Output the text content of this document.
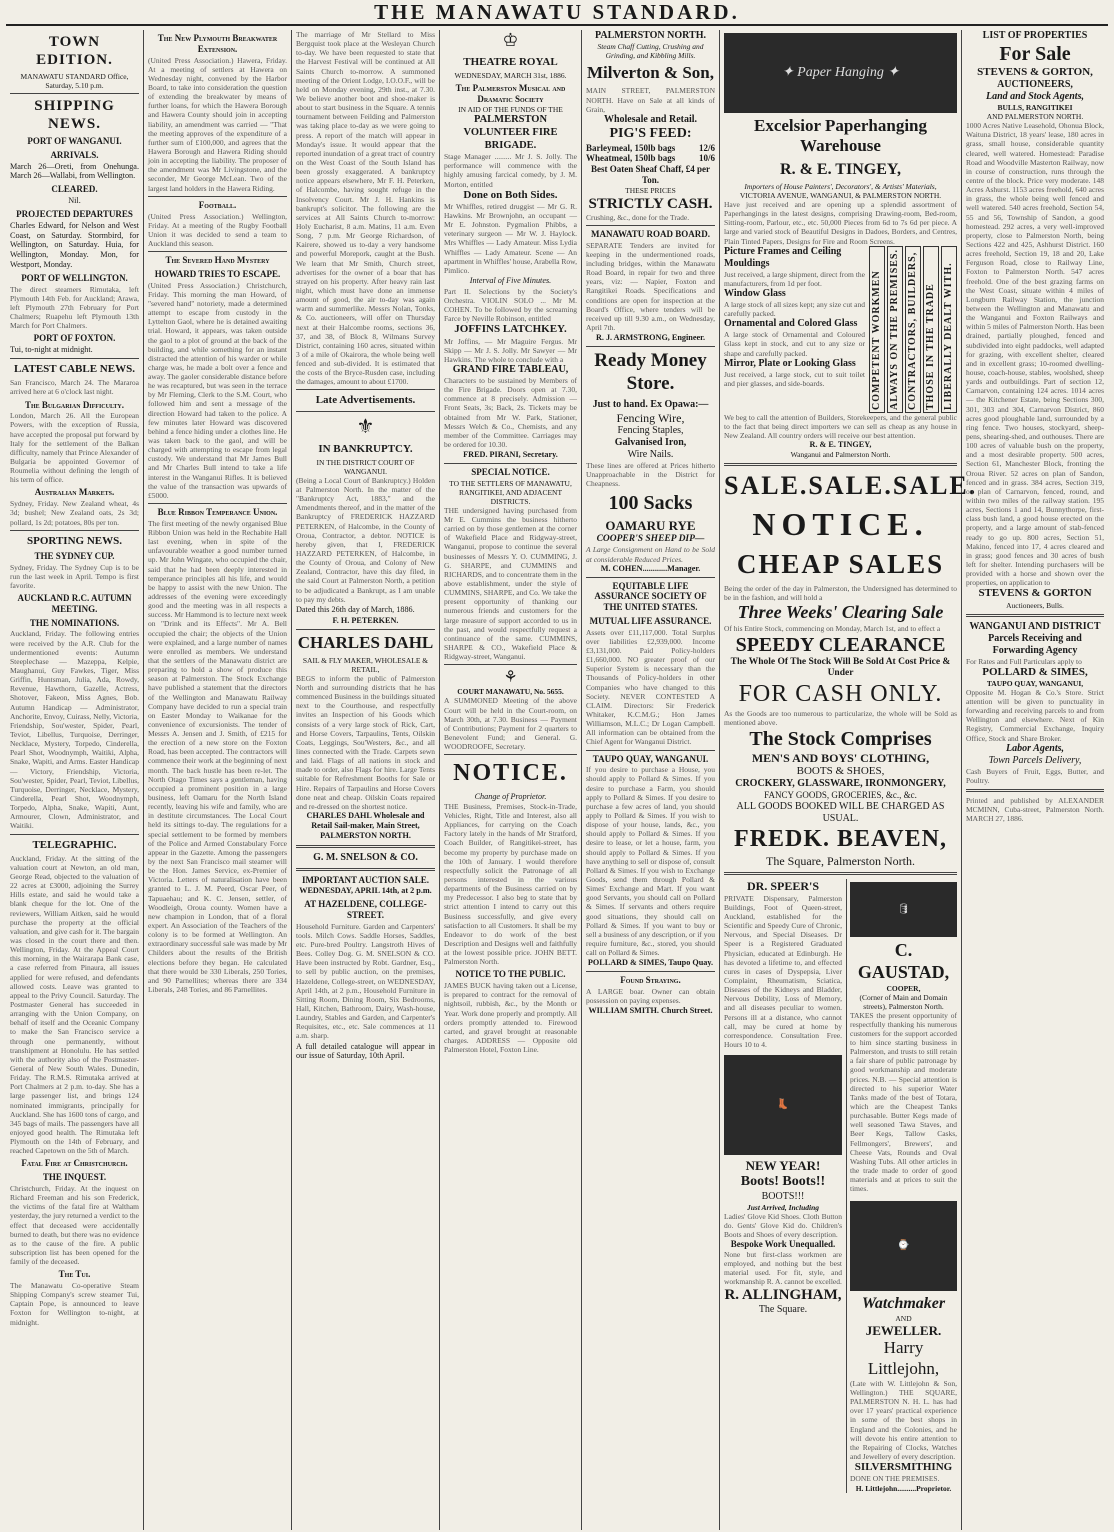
THE MANAWATU STANDARD.
TOWN EDITION.
MANAWATU STANDARD Office, Saturday, 5.10 p.m.
SHIPPING NEWS.
PORT OF WANGANUI.
ARRIVALS.

March 26—Oreti, from Onehunga. March 26—Wallabi, from Wellington.

CLEARED.

Nil.

PROJECTED DEPARTURES

Charles Edward, for Nelson and West Coast, on Saturday. Stormbird, for Wellington, on Saturday. Huia, for Wellington, Monday. Mon, for Westport, Monday.

PORT OF WELLINGTON.
The direct steamers Rimutaka, left Plymouth 14th Feb. for Auckland; Arawa, left Plymouth 27th February for Port Chalmers; Ruapehu left Plymouth 13th March for Port Chalmers.
PORT OF FOXTON.

Tui, to-night at midnight.

LATEST CABLE NEWS.
San Francisco, March 24. The Mararoa arrived here at 6 o'clock last night.
The Bulgarian Difficulty.
London, March 26. All the European Powers, with the exception of Russia, have accepted the proposal put forward by Italy for the settlement of the Balkan difficulty, namely that Prince Alexander of Bulgaria be appointed Governor of Roumelia without defining the length of his term of office.
Australian Markets.
Sydney, Friday. New Zealand wheat, 4s 3d; bushel; New Zealand oats, 2s 3d; pollard, 1s 2d; potatoes, 80s per ton.
SPORTING NEWS.
THE SYDNEY CUP.
Sydney, Friday. The Sydney Cup is to be run the last week in April. Tempo is first favorite.
AUCKLAND R.C. AUTUMN MEETING.
THE NOMINATIONS.
Auckland, Friday. The following entries were received by the A.R. Club for the undermentioned events: Autumn Steeplechase — Mazeppa, Kelpie, Maughanui, Guy Fawkes, Tiger, Miss Griffin, Huntsman, Julia, Ada, Rowdy, Revenue, Hawthorn, Gazelle, Actress, Shotover, Fakeon, Miss Agnes, Bob. Autumn Handicap — Administrator, Anchorite, Envoy, Cuirass, Nelly, Victoria, Friendship, Sou'wester, Spider, Pearl, Teviot, Libellus, Turquoise, Derringer, Necklace, Mystery, Torpedo, Cinderella, Pearl Shot, Woodnymph, Waitiki, Alpha, Snake, Wapiti, and Arms. Easter Handicap — Victory, Friendship, Victoria, Sou'wester, Spider, Pearl, Teviot, Libellus, Turquoise, Derringer, Necklace, Mystery, Cinderella, Pearl Shot, Woodnymph, Torpedo, Alpha, Snake, Wapiti, Aunt, Armourer, Clown, Administrator, and Waitiki.
TELEGRAPHIC.
Auckland, Friday. At the sitting of the valuation court at Newton, an old man, George Read, objected to the valuation of 22 acres at £3000, adjoining the Surrey Hills estate, and said he would take a blank cheque for the lot. One of the reviewers, William Aitken, said he would purchase the property at the official valuation, and give cash for it. The bargain was closed in the court there and then. Wellington, Friday. At the Appeal Court this morning, in the Wairarapa Bank case, a case referred from Pinaura, all issues applied for were refused, and defendants allowed costs. Leave was granted to appeal to the Privy Council. Saturday. The Postmaster General has succeeded in arranging with the Union Company, on behalf of itself and the Oceanic Company to make the San Francisco service a through one permanently, without transhipment at Honolulu. He has settled with the authority also of the Postmaster-General of New South Wales. Dunedin, Friday. The R.M.S. Rimutaka arrived at Port Chalmers at 2 p.m. to-day. She has a large passenger list, and brings 124 nominated immigrants, principally for Auckland. She has 1600 tons of cargo, and 345 bags of mails. The passengers have all enjoyed good health. The Rimutaka left Plymouth on the 14th of February, and reached Capetown on the 5th of March.
Fatal Fire at Christchurch.
THE INQUEST.
Christchurch, Friday. At the inquest on Richard Freeman and his son Frederick, the victims of the fatal fire at Waltham yesterday, the jury returned a verdict to the effect that deceased were accidentally burned to death, but there was no evidence as to the cause of the fire. A public subscription list has been opened for the family of the deceased.
The Tui.
The Manawatu Co-operative Steam Shipping Company's screw steamer Tui, Captain Pope, is announced to leave Foxton for Wellington to-night, at midnight.
The New Plymouth Breakwater Extension.
(United Press Association.) Hawera, Friday. At a meeting of settlers at Hawera on Wednesday night, convened by the Harbor Board, to take into consideration the question of extending the breakwater by means of further loans, for which the Hawera Borough and Hawera County should join in accepting liability, an amendment was carried — "That the meeting approves of the expenditure of a further sum of £100,000, and agrees that the Hawera Borough and Hawera Riding should join in accepting the liability. The proposer of the amendment was Mr Livingstone, and the seconder, Mr George McLean. Two of the largest land holders in the Hawera Riding.
Football.
(United Press Association.) Wellington, Friday. At a meeting of the Rugby Football Union it was decided to send a team to Auckland this season.
The Severed Hand Mystery
HOWARD TRIES TO ESCAPE.
(United Press Association.) Christchurch, Friday. This morning the man Howard, of "severed hand" notoriety, made a determined attempt to escape from custody in the Lyttelton Gaol, where he is detained awaiting trial. Howard, it appears, was taken outside the gaol to a plot of ground at the back of the building, and while something for an instant distracted the attention of his warder or while charge was, he made a bolt over a fence and away. The gaoler considerable distance before he was recaptured, but was seen in the terrace by Mr Fleming, Clerk to the S.M. Court, who followed him and sent a message of the direction Howard had taken to the police. A few minutes later Howard was discovered behind a fence hiding under a clothes line. He was taken back to the gaol, and will be charged with attempting to escape from legal custody. We understand that Mr James Bull and Mr Charles Bull intend to take a life interest in the Wanganui Rifles. It is believed the value of the transaction was upwards of £5000.
Blue Ribbon Temperance Union.
The first meeting of the newly organised Blue Ribbon Union was held in the Rechabite Hall last evening, when in spite of the unfavourable weather a good number turned up. Mr John Wingate, who occupied the chair, said that he had been deeply interested in temperance principles all his life, and would be happy to assist with the new Union. The addresses of the evening were exceedingly good and the meeting was in all respects a success. Mr Hammond is to lecture next week on "Drink and its Effects". Mr A. Bell occupied the chair; the objects of the Union were explained, and a large number of names were enrolled as members. We understand that the settlers of the Manawatu district are preparing to hold a show of produce this season at Palmerston. The Stock Exchange have published a statement that the directors of the Wellington and Manawatu Railway Company have decided to run a special train on Easter Monday to Waikanae for the convenience of excursionists. The tender of Messrs A. Jensen and J. Smith, of £215 for the erection of a new store on the Foxton Road, has been accepted. The contractors will commence their work at the beginning of next month. The back hustle has been re-let. The North Otago Times says a gentleman, having occupied a prominent position in a large business, left Oamaru for the North Island recently, leaving his wife and family, who are in destitute circumstances. The Local Court held its sittings to-day. The regulations for a special settlement to be formed by members of the Police and Armed Constabulary Force appear in the Gazette. Among the passengers by the next San Francisco mail steamer will be the Hon. James Service, ex-Premier of Victoria. Letters of naturalisation have been granted to L. J. M. Peerd, Oscar Peer, of Tapuaehau; and K. C. Jensen, settler, of Woodleigh, Oroua county. Women have a new champion in London, that of a floral expert. An Association of the Teachers of the colony is to be formed at Wellington. An extraordinary successful sale was made by Mr Childers about the results of the British elections before they began. He calculated that there would be 330 Liberals, 250 Tories, and 90 Parnellites; whereas there are 334 Liberals, 248 Tories, and 86 Parnellites.
The marriage of Mr Stellard to Miss Bergquist took place at the Wesleyan Church to-day. We have been requested to state that the Harvest Festival will be continued at All Saints Church to-morrow. A summoned meeting of the Orient Lodge, I.O.O.F., will be held on Monday evening, 29th inst., at 7.30. We believe another boot and shoe-maker is about to start business in the Square. A tennis tournament between Feilding and Palmerston was taking place to-day as we were going to press. A report of the match will appear in Monday's issue. It would appear that the reported inundation of a great tract of country on the West Coast of the South Island has been grossly exaggerated. A bankruptcy notice appears elsewhere, Mr F. H. Peterken, of Halcombe, having sought refuge in the Insolvency Court. Mr J. H. Hankins is bankrupt's solicitor. The following are the services at All Saints Church to-morrow: Holy Eucharist, 8 a.m. Matins, 11 a.m. Even Song, 7 p.m. Mr George Richardson, of Kairere, showed us to-day a very handsome and powerful Morepork, caught at the Bush. We learn that Mr Smith, Church street, advertises for the owner of a boar that has strayed on his property. After heavy rain last night, which must have done an immense amount of good, the air to-day was again warm and summerlike. Messrs Nolan, Tonks, & Co. auctioneers, will offer on Thursday next at their Halcombe rooms, sections 36, 37, and 38, of Block 8, Wilmans Survey District, containing 160 acres, situated within 3 of a mile of Okairora, the whole being well fenced and sub-divided. It is estimated that the costs of the Bryce-Rusden case, including the damages, amount to about £1700.
Late Advertisements.
⚜
IN BANKRUPTCY.
IN THE DISTRICT COURT OF WANGANUI.
(Being a Local Court of Bankruptcy.) Holden at Palmerston North. In the matter of the "Bankruptcy Act, 1883," and the Amendments thereof, and in the matter of the Bankruptcy of FREDERICK HAZZARD PETERKEN, of Halcombe, in the County of Oroua, Contractor, a debtor. NOTICE is hereby given, that I, FREDERICK HAZZARD PETERKEN, of Halcombe, in the County of Oroua, and Colony of New Zealand, Contractor, have this day filed, in the said Court at Palmerston North, a petition to be adjudicated a Bankrupt, as I am unable to pay my debts.

Dated this 26th day of March, 1886.

F. H. PETERKEN.

CHARLES DAHL
SAIL & FLY MAKER, WHOLESALE & RETAIL,
BEGS to inform the public of Palmerston North and surrounding districts that he has commenced Business in the buildings situated next to the Courthouse, and respectfully invites an Inspection of his Goods which consists of a very large stock of Rick, Cart, and Horse Covers, Tarpaulins, Tents, Oilskin Coats, Leggings, Sou'Westers, &c., and all lines connected with the Trade. Carpets sewn and laid. Flags of all nations in stock and made to order, also Flags for hire. Large Tents suitable for Refreshment Booths for Sale or Hire. Repairs of Tarpaulins and Horse Covers done neat and cheap. Oilskin Coats repaired and re-dressed on the shortest notice.
CHARLES DAHL Wholesale and Retail Sail-maker, Main Street, PALMERSTON NORTH.
G. M. SNELSON & CO.
IMPORTANT AUCTION SALE.
WEDNESDAY, APRIL 14th, at 2 p.m.
AT HAZELDENE, COLLEGE-STREET.
Household Furniture. Garden and Carpenters' tools. Milch Cows. Saddle Horses, Saddles, etc. Pure-bred Poultry. Langstroth Hives of Bees. Colley Dog. G. M. SNELSON & CO. Have been instructed by Robt. Gardner, Esq., to sell by public auction, on the premises, Hazeldene, College-street, on WEDNESDAY, April 14th, at 2 p.m., Household Furniture in Sitting Room, Dining Room, Six Bedrooms, Hall, Kitchen, Bathroom, Dairy, Wash-house, Laundry, Stables and Garden, and Carpenter's Requisites, etc., etc. Sale commences at 11 a.m. sharp.

A full detailed catalogue will appear in our issue of Saturday, 10th April.

♔
THEATRE ROYAL
WEDNESDAY, MARCH 31st, 1886.
The Palmerston Musical and Dramatic Society
IN AID OF THE FUNDS OF THE
PALMERSTON VOLUNTEER FIRE BRIGADE.
Stage Manager ......... Mr J. S. Jolly. The performance will commence with the highly amusing farcical comedy, by J. M. Morton, entitled
Done on Both Sides.
Mr Whiffles, retired druggist — Mr G. R. Hawkins. Mr Brownjohn, an occupant — Mr E. Johnston. Pygmalion Phibbs, a veterinary surgeon — Mr W. J. Haylock. Mrs Whiffles — Lady Amateur. Miss Lydia Whiffles — Lady Amateur. Scene — An apartment in Whiffles' house, Arabella Row, Pimlico.

Interval of Five Minutes.

Part II. Selections by the Society's Orchestra. VIOLIN SOLO ... Mr M. COHEN. To be followed by the screaming Farce by Neville Robinson, entitled
JOFFINS LATCHKEY.
Mr Joffins, — Mr Maguire Fergus. Mr Skipp — Mr J. S. Jolly. Mr Sawyer — Mr Hawkins. The whole to conclude with a
GRAND FIRE TABLEAU,
Characters to be sustained by Members of the Fire Brigade. Doors open at 7.30, commence at 8 precisely. Admission — Front Seats, 3s; Back, 2s. Tickets may be obtained from Mr W. Park, Stationer, Messrs Welch & Co., Chemists, and any member of the Committee. Carriages may be ordered for 10.30.

FRED. PIRANI, Secretary.

SPECIAL NOTICE.
TO THE SETTLERS OF MANAWATU, RANGITIKEI, AND ADJACENT DISTRICTS.
THE undersigned having purchased from Mr E. Cummins the business hitherto carried on by those gentlemen at the corner of Wakefield Place and Ridgway-street, Wanganui, propose to continue the several businesses of Messrs Y. O. CUMMING, J. G. SHARPE, and CUMMINS and RICHARDS, and to concentrate them in the above establishment, under the style of CUMMINS, SHARPE, and Co. We take the present opportunity of thanking our numerous friends and customers for the large measure of support accorded to us in the past, and would respectfully request a continuance of the same. CUMMINS, SHARPE & CO., Wakefield Place & Ridgway-street, Wanganui.
⚘
COURT MANAWATU, No. 5655.
A SUMMONED Meeting of the above Court will be held in the Court-room, on March 30th, at 7.30. Business — Payment of Contributions; Payment for 2 quarters to Benevolent Fund; and General. G. WOODROOFE, Secretary.
NOTICE.
Change of Proprietor.
THE Business, Premises, Stock-in-Trade, Vehicles, Right, Title and Interest, also all Appliances, for carrying on the Coach Factory lately in the hands of Mr Stratford, Coach Builder, of Rangitikei-street, has become my property by purchase made on the 10th of January. I would therefore respectfully solicit the Patronage of all persons interested in the various departments of the Business carried on by my Predecessor. I also beg to state that by strict attention I intend to carry out this Business successfully, and give every satisfaction to all Customers. It shall be my Endeavor to do work of the best Description and Designs well and faithfully at the lowest possible price. JOHN BETT. Palmerston North.
NOTICE TO THE PUBLIC.
JAMES BUCK having taken out a License, is prepared to contract for the removal of nightsoil, rubbish, &c., by the Month or Year. Work done properly and promptly. All orders promptly attended to. Firewood carted, and gravel brought at reasonable charges. ADDRESS — Opposite old Palmerston Hotel, Foxton Line.
PALMERSTON NORTH.
Steam Chaff Cutting, Crushing and Grinding, and Kibbling Mills.
Milverton & Son,
MAIN STREET, PALMERSTON NORTH. Have on Sale at all kinds of Grain,
Wholesale and Retail.
PIG'S FEED:
Barleymeal, 150lb bags	12/6
Wheatmeal, 150lb bags	10/6
Best Oaten Sheaf Chaff, £4 per Ton.
THESE PRICES
STRICTLY CASH.
Crushing, &c., done for the Trade.
MANAWATU ROAD BOARD.
SEPARATE Tenders are invited for keeping in the undermentioned roads, including bridges, within the Manawatu Road Board, in repair for two and three years, viz: — Napier, Foxton and Rangitikei Roads. Specifications and conditions are open for inspection at the Board's Office, where tenders will be received up till 9.30 a.m., on Wednesday, April 7th.

R. J. ARMSTRONG, Engineer.

Ready Money Store.
Just to hand. Ex Opawa:—
Fencing Wire,
Fencing Staples,
Galvanised Iron,
Wire Nails.
These lines are offered at Prices hitherto Unapproachable in the District for Cheapness.
100 Sacks
OAMARU RYE
COOPER'S SHEEP DIP—
A Large Consignment on Hand to be Sold at considerable Reduced Prices.
M. COHEN............Manager.
EQUITABLE LIFE ASSURANCE SOCIETY OF THE UNITED STATES.
MUTUAL LIFE ASSURANCE.
Assets over £11,117,000. Total Surplus over liabilities £2,939,000. Income £3,131,000. Paid Policy-holders £1,660,000. NO greater proof of our Superior System is necessary than the Thousands of Policy-holders in other Companies who have changed to this Society. NEVER CONTESTED A CLAIM. Directors: Sir Frederick Whitaker, K.C.M.G.; Hon James Williamson, M.L.C.; Dr Logan Campbell. All information can be obtained from the Chief Agent for Wanganui District.
TAUPO QUAY, WANGANUI.
If you desire to purchase a House, you should apply to Pollard & Simes. If you desire to purchase a Farm, you should apply to Pollard & Simes. If you desire to purchase a few acres of land, you should apply to Pollard & Simes. If you wish to dispose of your house, lands, &c., you should apply to Pollard & Simes. If you desire to lease, or let a house, farm, you should apply to Pollard & Simes. If you have anything to sell or dispose of, consult Pollard & Simes. If you wish to Exchange Goods, send them through Pollard & Simes' Exchange and Mart. If you want good Servants, you should call on Pollard & Simes. If servants and others require good situations, they should call on Pollard & Simes. If you want to buy or sell a business of any description, or if you require furniture, &c., stored, you should call on Pollard & Simes.

POLLARD & SIMES, Taupo Quay.

Found Straying.
A LARGE boar. Owner can obtain possession on paying expenses.

WILLIAM SMITH. Church Street.

✦ Paper Hanging ✦
Excelsior Paperhanging Warehouse
R. & E. TINGEY,
Importers of House Painters', Decorators', & Artists' Materials,
VICTORIA AVENUE, WANGANUI, & PALMERSTON NORTH.
Have just received and are opening up a splendid assortment of Paperhangings in the latest designs, comprising Drawing-room, Bed-room, Sitting-room, Parlour, etc., etc. 50,000 Pieces from 6d to 7s 6d per piece. A large and varied stock of Beautiful Designs in Dadoes, Borders, and Centres, Plain Tinted Papers, Designs for Fire and Room Screens.
Picture Frames and Ceiling Mouldings
Just received, a large shipment, direct from the manufacturers, from 1d per foot.
Window Glass
A large stock of all sizes kept; any size cut and carefully packed.
Ornamental and Colored Glass
A large stock of Ornamental and Coloured Glass kept in stock, and cut to any size or shape and carefully packed.
Mirror, Plate or Looking Glass
Just received, a large stock, cut to suit toilet and pier glasses, and side-boards.	COMPETENT WORKMEN ALWAYS ON THE PREMISES. CONTRACTORS, BUILDERS, THOSE IN THE TRADE LIBERALLY DEALT WITH.
We beg to call the attention of Builders, Storekeepers, and the general public to the fact that being direct importers we can sell as cheap as any house in New Zealand. All country orders will receive our best attention.
R. & E. TINGEY,
Wanganui and Palmerston North.
SALE. SALE. SALE.
NOTICE.
CHEAP SALES
Being the order of the day in Palmerston, the Undersigned has determined to be in the fashion, and will hold a
Three Weeks' Clearing Sale
Of his Entire Stock, commencing on Monday, March 1st, and to effect a
SPEEDY CLEARANCE
The Whole Of The Stock Will Be Sold At Cost Price & Under
FOR CASH ONLY.
As the Goods are too numerous to particularize, the whole will be Sold as mentioned above.
The Stock Comprises
MEN'S AND BOYS' CLOTHING,
BOOTS & SHOES,
CROCKERY, GLASSWARE, IRONMONGERY,
FANCY GOODS, GROCERIES, &c., &c.
ALL GOODS BOOKED WILL BE CHARGED AS USUAL.
FREDK. BEAVEN,
The Square, Palmerston North.
DR. SPEER'S
PRIVATE Dispensary, Palmerston Buildings, Foot of Queen-street, Auckland, established for the Scientific and Speedy Cure of Chronic, Nervous, and Special Diseases. Dr Speer is a Registered Graduated Physician, educated at Edinburgh. He has devoted a lifetime to, and effected cures in cases of Dyspepsia, Liver Complaint, Rheumatism, Sciatica, Diseases of the Kidneys and Bladder, Nervous Debility, Loss of Memory, and all diseases peculiar to women. Persons ill at a distance, who cannot call, may be cured at home by correspondence. Consultation Free. Hours 10 to 4.
👢
NEW YEAR!
Boots! Boots!!
BOOTS!!!
Just Arrived, Including
Ladies' Glove Kid Shoes. Cloth Button do. Gents' Glove Kid do. Children's Boots and Shoes of every description.
Bespoke Work Unequalled.
None but first-class workmen are employed, and nothing but the best material used. For fit, style, and workmanship R. A. cannot be excelled.
R. ALLINGHAM,
The Square.
🛢
C. GAUSTAD,
COOPER,
(Corner of Main and Domain streets), Palmerston North.
TAKES the present opportunity of respectfully thanking his numerous customers for the support accorded to him since starting business in Palmerston, and trusts to still retain a fair share of public patronage by good workmanship and moderate prices. N.B. — Special attention is directed to his superior Water Tanks made of the best of Totara, which are the Cheapest Tanks purchasable. Butter Kegs made of well seasoned Tawa Staves, and Beer Kegs, Tallow Casks, Fellmongers', Brewers', and Cheese Vats, Rounds and Oval Washing Tubs. All other articles in the trade made to order of good materials and at prices to suit the times.
⌚
Watchmaker
AND
JEWELLER.
Harry Littlejohn,
(Late with W. Littlejohn & Son, Wellington.) THE SQUARE, PALMERSTON N. H. L. has had over 17 years' practical experience in some of the best shops in England and the Colonies, and he will devote his entire attention to the Repairing of Clocks, Watches and Jewellery of every description.
SILVERSMITHING
DONE ON THE PREMISES.
H. Littlejohn..........Proprietor.
LIST OF PROPERTIES
For Sale
STEVENS & GORTON,
AUCTIONEERS,
Land and Stock Agents,
BULLS, RANGITIKEI
AND PALMERSTON NORTH.
1000 Acres Native Leasehold, Ohonua Block, Waituna District, 18 years' lease, 180 acres in grass, small house, considerable quantity cleared, well watered. Homestead: Paradise Road and Woodville Masterton Railway, now in course of construction, runs through the centre of the block. Price very moderate. 148 Acres Ashurst. 1153 acres freehold, 640 acres in grass, the whole being well fenced and well watered. 540 acres freehold, Section 54, 55 and 56, Township of Sandon, a good homestead. 292 acres, a very well-improved property, close to Palmerston North, being Sections 422 and 425, Ashhurst District. 160 acres freehold, Section 19, 18 and 20, Lake Ferguson Road, close to Railway Line, Foxton to Palmerston North. 547 acres freehold. One of the best grazing farms on the West Coast, situate within 4 miles of Longburn Railway Station, the junction between the Wellington and Manawatu and the Wanganui and Foxton Railways and within 5 miles of Palmerston North. Has been drained, partially ploughed, fenced and subdivided into eight paddocks, well adapted for grazing, with excellent shelter, cleared and in excellent grass; 10-roomed dwelling-house, coach-house, stables, woolshed, sheep yards and outbuildings. Part of section 12, Carnarvon, containing 124 acres. 1014 acres — the Kitchener Estate, being Sections 300, 301, 303 and 304, Carnarvon District, 860 acres good ploughable land, surrounded by a ring fence. Two houses, stockyard, sheep-pens, shearing-shed, and outhouses. There are 100 acres of valuable bush on the property, and a most desirable property. 500 acres, Section 61, Manchester Block, fronting the Oroua River. 52 acres on plan of Sandon, fenced and in grass. 384 acres, Section 319, on plan of Carnarvon, fenced, round, and within two miles of the railway station. 195 acres, Sections 1 and 14, Bunnythorpe, first-class bush land, a good house erected on the property, and a large amount of stab-fenced ready to go up. 800 acres, Section 51, Makino, fenced into 17, 4 acres cleared and in grass; good fences and 30 acres of bush left for shelter. Intending purchasers will be provided with a horse and shown over the properties, on application to
STEVENS & GORTON
Auctioneers, Bulls.
WANGANUI AND DISTRICT Parcels Receiving and Forwarding Agency
For Rates and Full Particulars apply to
POLLARD & SIMES,
TAUPO QUAY, WANGANUI,
Opposite M. Hogan & Co.'s Store. Strict attention will be given to punctuality in forwarding and receiving parcels to and from Wellington and elsewhere. Next of Kin Registry, Commercial Exchange, Inquiry Office, Stock and Share Broker.
Labor Agents,
Town Parcels Delivery,
Cash Buyers of Fruit, Eggs, Butter, and Poultry.
Printed and published by ALEXANDER MCMINN, Cuba-street, Palmerston North. MARCH 27, 1886.
